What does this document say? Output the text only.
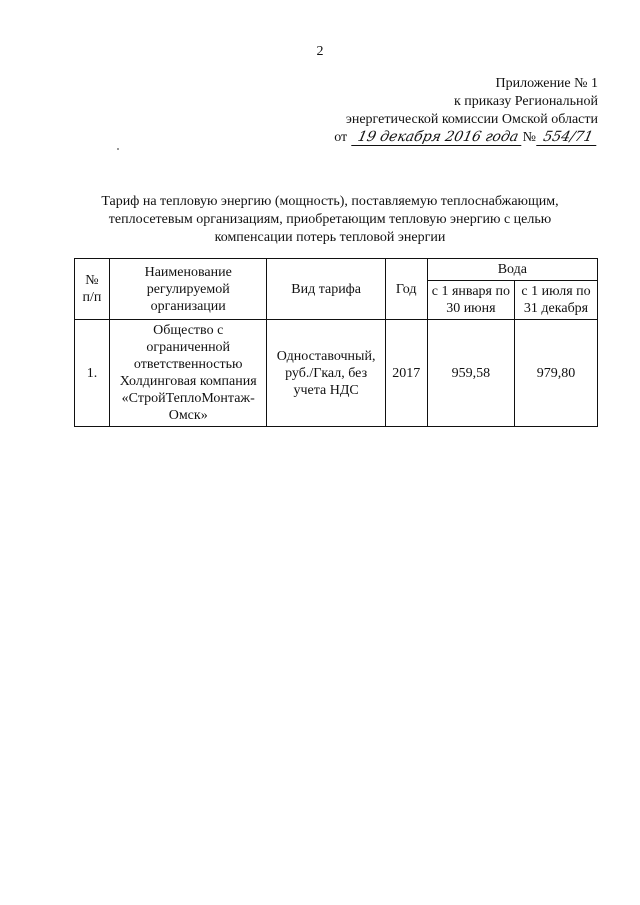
2
Приложение № 1
к приказу Региональной
энергетической комиссии Омской области
от 19 декабря 2016 года № 554/71
Тариф на тепловую энергию (мощность), поставляемую теплоснабжающим,
теплосетевым организациям, приобретающим тепловую энергию с целью
компенсации потерь тепловой энергии
№ п/п	Наименование регулируемой организации	Вид тарифа	Год	Вода	
				с 1 января по 30 июня	с 1 июля по 31 декабря
1.	Общество с ограниченной ответственностью Холдинговая компания «СтройТеплоМонтаж-Омск»	Одноставочный, руб./Гкал, без учета НДС	2017	959,58	979,80
